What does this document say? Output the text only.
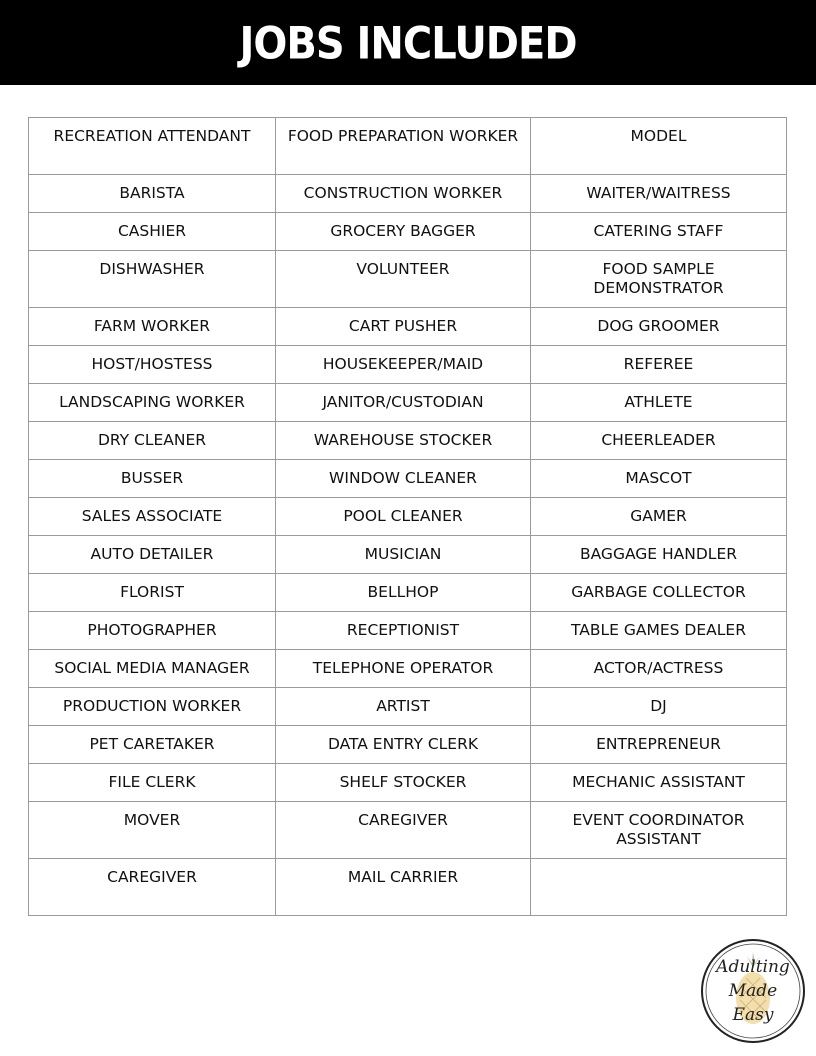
JOBS INCLUDED
RECREATION ATTENDANT	FOOD PREPARATION WORKER	MODEL
BARISTA	CONSTRUCTION WORKER	WAITER/WAITRESS
CASHIER	GROCERY BAGGER	CATERING STAFF
DISHWASHER	VOLUNTEER	FOOD SAMPLE DEMONSTRATOR
FARM WORKER	CART PUSHER	DOG GROOMER
HOST/HOSTESS	HOUSEKEEPER/MAID	REFEREE
LANDSCAPING WORKER	JANITOR/CUSTODIAN	ATHLETE
DRY CLEANER	WAREHOUSE STOCKER	CHEERLEADER
BUSSER	WINDOW CLEANER	MASCOT
SALES ASSOCIATE	POOL CLEANER	GAMER
AUTO DETAILER	MUSICIAN	BAGGAGE HANDLER
FLORIST	BELLHOP	GARBAGE COLLECTOR
PHOTOGRAPHER	RECEPTIONIST	TABLE GAMES DEALER
SOCIAL MEDIA MANAGER	TELEPHONE OPERATOR	ACTOR/ACTRESS
PRODUCTION WORKER	ARTIST	DJ
PET CARETAKER	DATA ENTRY CLERK	ENTREPRENEUR
FILE CLERK	SHELF STOCKER	MECHANIC ASSISTANT
MOVER	CAREGIVER	EVENT COORDINATOR ASSISTANT
CAREGIVER	MAIL CARRIER	
Adulting
Made
Easy
